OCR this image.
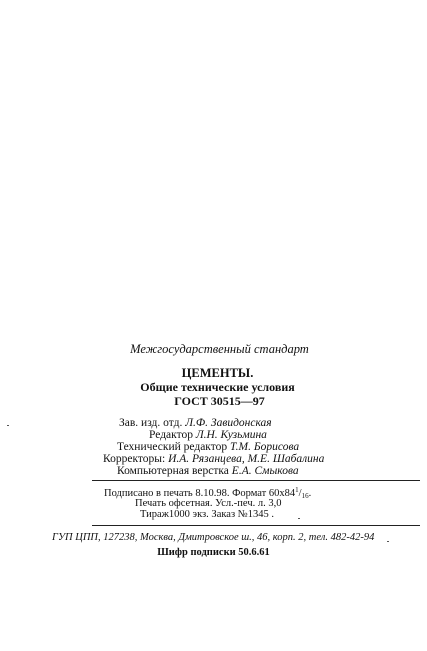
Межгосударственный стандарт
ЦЕМЕНТЫ.
Общие технические условия
ГОСТ 30515—97
Зав. изд. отд. Л.Ф. Завидонская
Редактор Л.Н. Кузьмина
Технический редактор Т.М. Борисова
Корректоры: И.А. Рязанцева, М.Е. Шабалина
Компьютерная верстка Е.А. Смыкова
Подписано в печать 8.10.98. Формат $60х84^1/_{16}$.
Печать офсетная. Усл.-печ. л. 3,0
Тираж1000 экз. Заказ №1345 .
ГУП ЦПП, 127238, Москва, Дмитровское ш., 46, корп. 2, тел. 482-42-94
Шифр подписки 50.6.61
